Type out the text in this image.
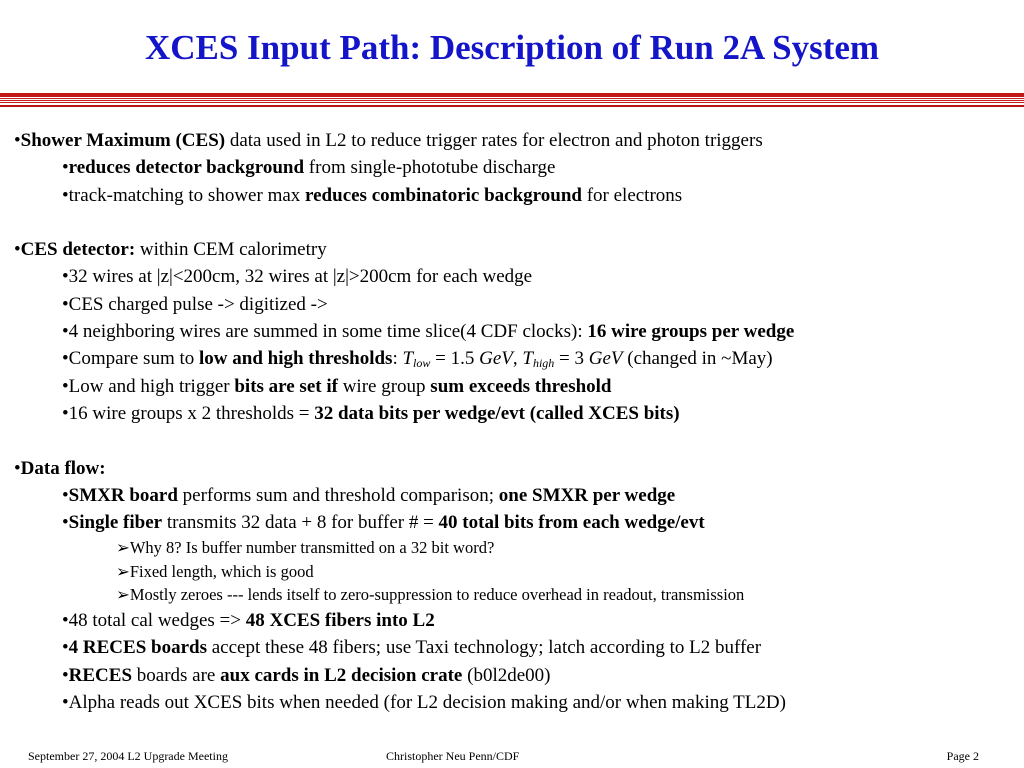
XCES Input Path: Description of Run 2A System
•Shower Maximum (CES) data used in L2 to reduce trigger rates for electron and photon triggers
•reduces detector background from single-phototube discharge
•track-matching to shower max reduces combinatoric background for electrons
•CES detector: within CEM calorimetry
•32 wires at |z|<200cm, 32 wires at |z|>200cm for each wedge
•CES charged pulse -> digitized ->
•4 neighboring wires are summed in some time slice(4 CDF clocks): 16 wire groups per wedge
•Compare sum to low and high thresholds: $T_{low} = 1.5$ GeV, $T_{high} = 3$ GeV (changed in ~May)
•Low and high trigger bits are set if wire group sum exceeds threshold
•16 wire groups x 2 thresholds = 32 data bits per wedge/evt (called XCES bits)
•Data flow:
•SMXR board performs sum and threshold comparison; one SMXR per wedge
•Single fiber transmits 32 data + 8 for buffer # = 40 total bits from each wedge/evt
➢Why 8? Is buffer number transmitted on a 32 bit word?
➢Fixed length, which is good
➢Mostly zeroes --- lends itself to zero-suppression to reduce overhead in readout, transmission
•48 total cal wedges => 48 XCES fibers into L2
•4 RECES boards accept these 48 fibers; use Taxi technology; latch according to L2 buffer
•RECES boards are aux cards in L2 decision crate (b0l2de00)
•Alpha reads out XCES bits when needed (for L2 decision making and/or when making TL2D)
September 27, 2004 L2 Upgrade Meeting	Christopher Neu Penn/CDF	Page 2
